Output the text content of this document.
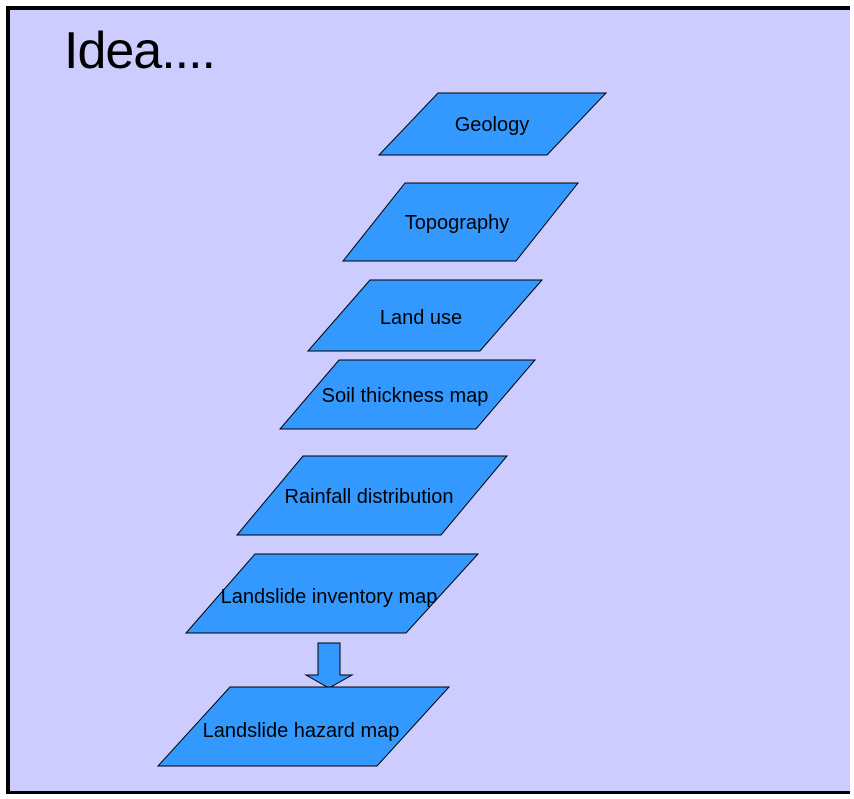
Idea....
Geology
Topography
Land use
Soil thickness map
Rainfall distribution
Landslide inventory map
Landslide hazard map
